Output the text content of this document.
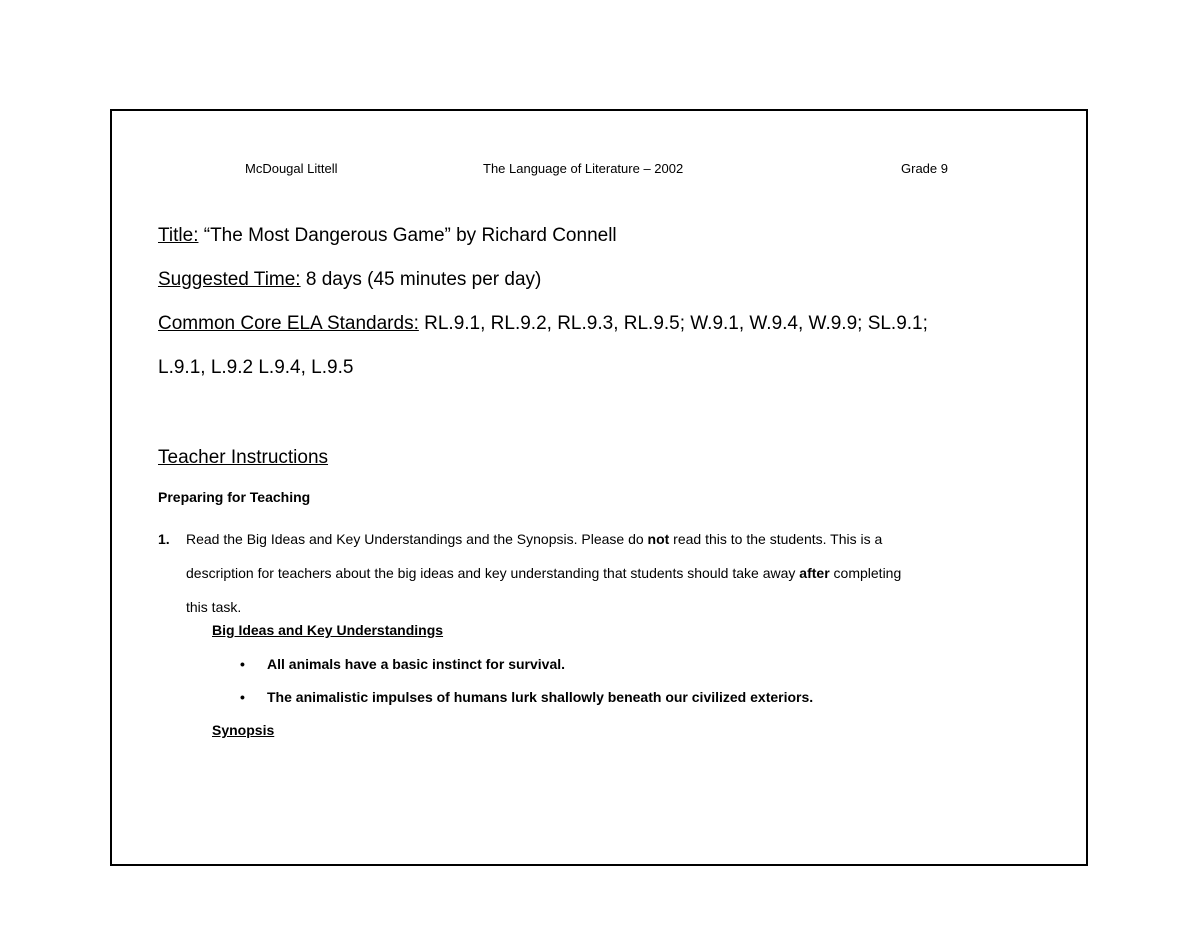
McDougal Littell	The Language of Literature – 2002	Grade 9
Title: “The Most Dangerous Game” by Richard Connell
Suggested Time: 8 days (45 minutes per day)
Common Core ELA Standards: RL.9.1, RL.9.2, RL.9.3, RL.9.5; W.9.1, W.9.4, W.9.9; SL.9.1;
L.9.1, L.9.2 L.9.4, L.9.5
Teacher Instructions
Preparing for Teaching
1. Read the Big Ideas and Key Understandings and the Synopsis. Please do not read this to the students. This is a
description for teachers about the big ideas and key understanding that students should take away after completing
this task.
Big Ideas and Key Understandings
• All animals have a basic instinct for survival.
• The animalistic impulses of humans lurk shallowly beneath our civilized exteriors.
Synopsis
